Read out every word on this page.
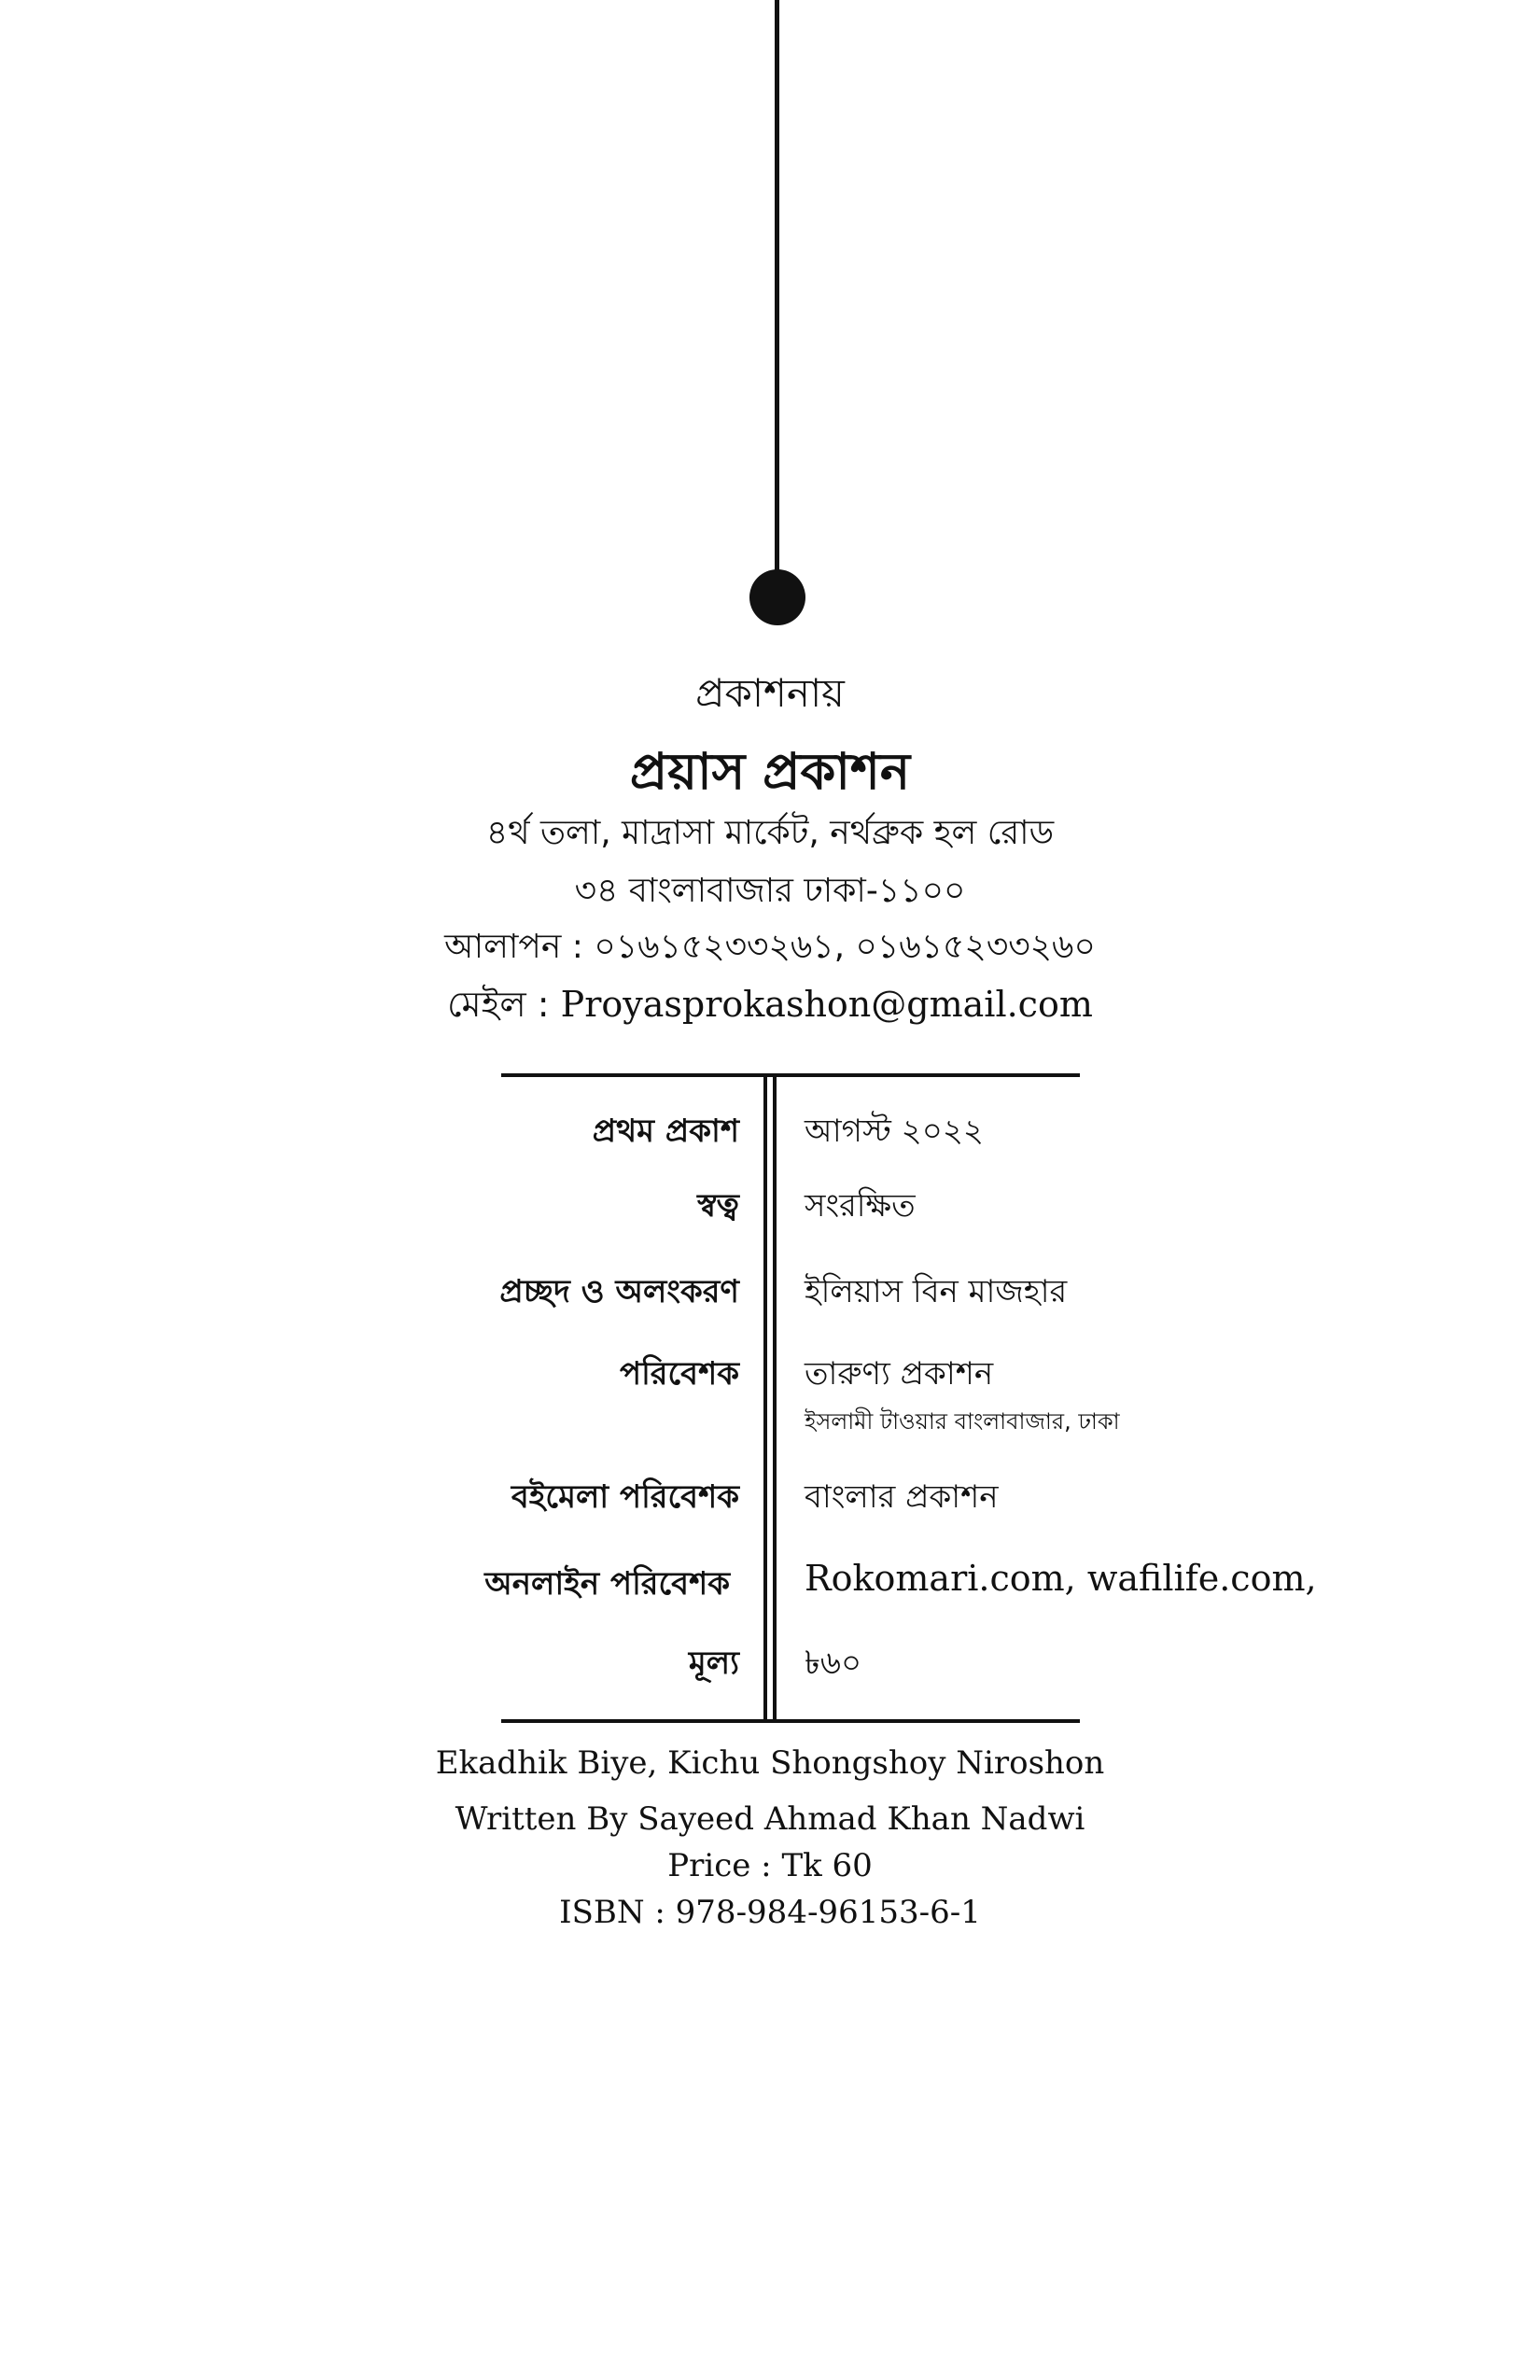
প্রকাশনায়
প্রয়াস প্রকাশন
৪র্থ তলা, মাদ্রাসা মার্কেট, নর্থব্রুক হল রোড
৩৪ বাংলাবাজার ঢাকা-১১০০
আলাপন : ০১৬১৫২৩৩২৬১, ০১৬১৫২৩৩২৬০
মেইল : Proyasprokashon@gmail.com
প্রথম প্রকাশ আগস্ট ২০২২
স্বত্ব সংরক্ষিত
প্রচ্ছদ ও অলংকরণ ইলিয়াস বিন মাজহার
পরিবেশক তারুণ্য প্রকাশন
ইসলামী টাওয়ার বাংলাবাজার, ঢাকা
বইমেলা পরিবেশক বাংলার প্রকাশন
অনলাইন পরিবেশক Rokomari.com, wafilife.com,
মূল্য ৳৬০
Ekadhik Biye, Kichu Shongshoy Niroshon
Written By Sayeed Ahmad Khan Nadwi
Price : Tk 60
ISBN : 978-984-96153-6-1
